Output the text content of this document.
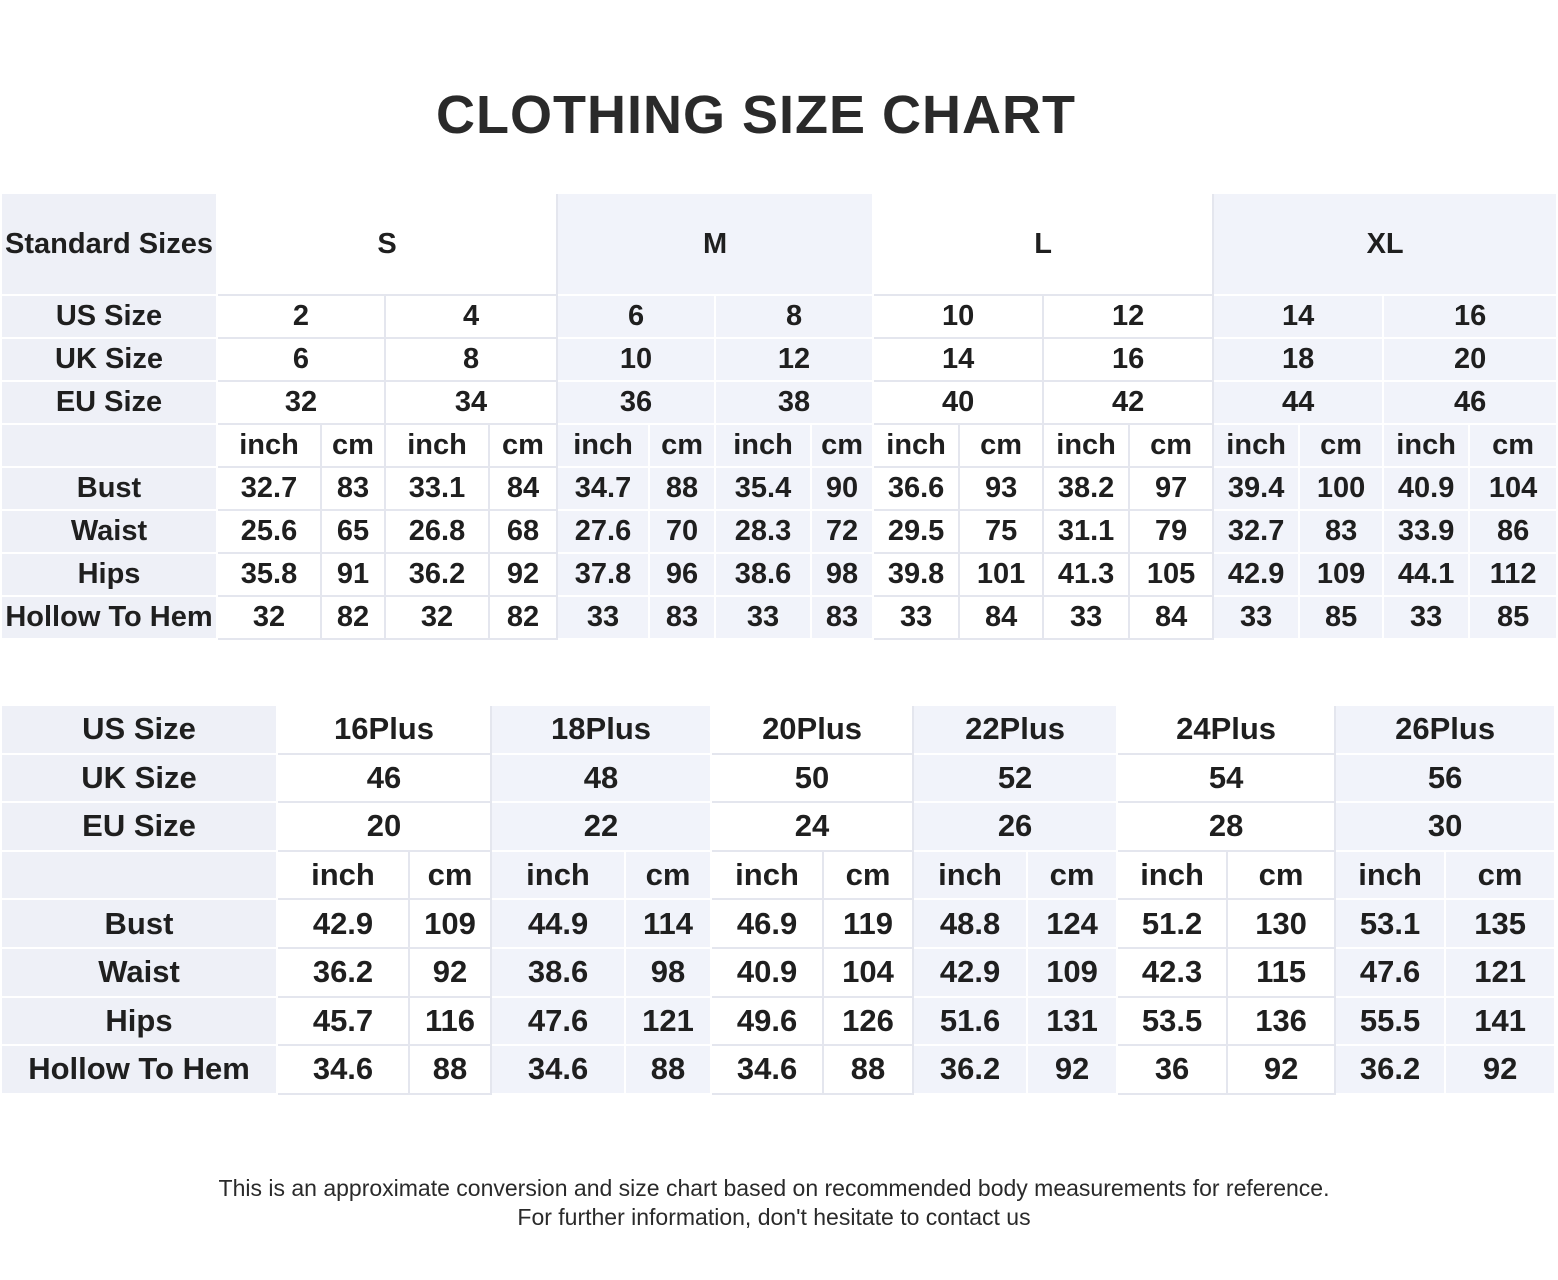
CLOTHING SIZE CHART
Standard Sizes	S				M				L				XL			
US Size	2		4		6		8		10		12		14		16	
UK Size	6		8		10		12		14		16		18		20	
EU Size	32		34		36		38		40		42		44		46	
	inch	cm	inch	cm	inch	cm	inch	cm	inch	cm	inch	cm	inch	cm	inch	cm
Bust	32.7	83	33.1	84	34.7	88	35.4	90	36.6	93	38.2	97	39.4	100	40.9	104
Waist	25.6	65	26.8	68	27.6	70	28.3	72	29.5	75	31.1	79	32.7	83	33.9	86
Hips	35.8	91	36.2	92	37.8	96	38.6	98	39.8	101	41.3	105	42.9	109	44.1	112
Hollow To Hem	32	82	32	82	33	83	33	83	33	84	33	84	33	85	33	85
US Size	16Plus		18Plus		20Plus		22Plus		24Plus		26Plus	
UK Size	46		48		50		52		54		56	
EU Size	20		22		24		26		28		30	
	inch	cm	inch	cm	inch	cm	inch	cm	inch	cm	inch	cm
Bust	42.9	109	44.9	114	46.9	119	48.8	124	51.2	130	53.1	135
Waist	36.2	92	38.6	98	40.9	104	42.9	109	42.3	115	47.6	121
Hips	45.7	116	47.6	121	49.6	126	51.6	131	53.5	136	55.5	141
Hollow To Hem	34.6	88	34.6	88	34.6	88	36.2	92	36	92	36.2	92
This is an approximate conversion and size chart based on recommended body measurements for reference.
For further information, don't hesitate to contact us
